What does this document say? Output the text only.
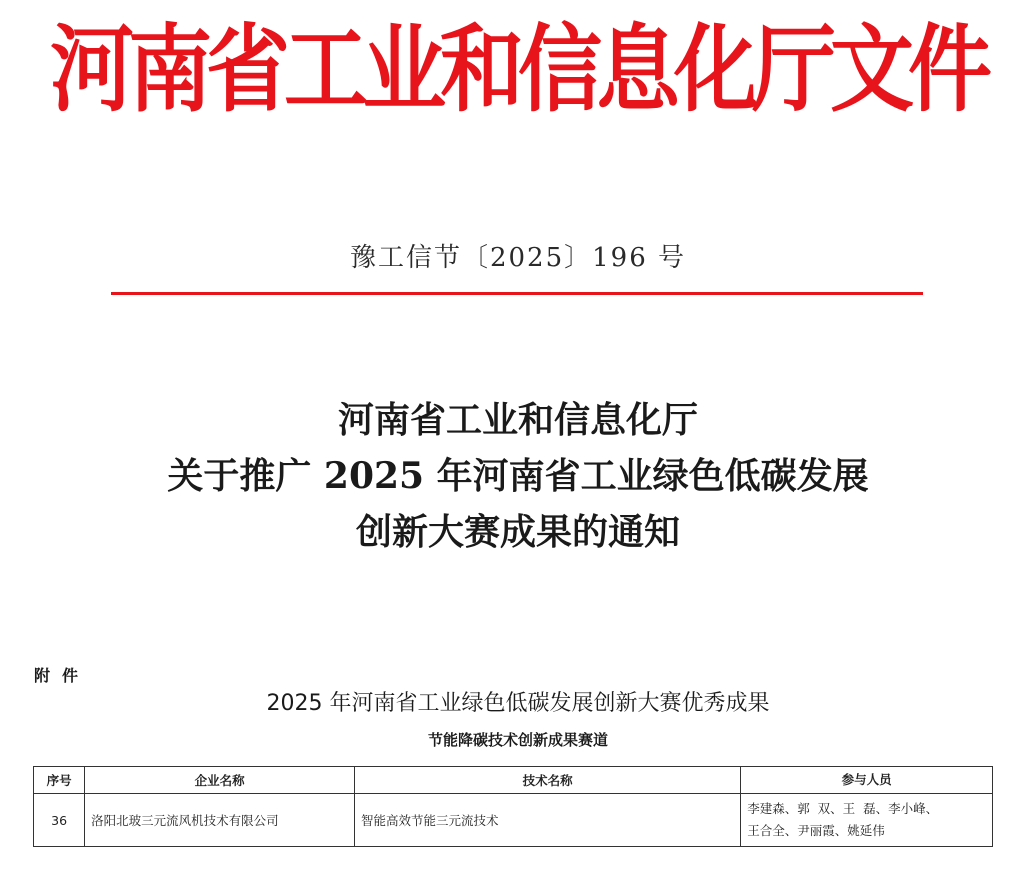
河南省工业和信息化厅文件
豫工信节〔2025〕196 号
河南省工业和信息化厅
关于推广 2025 年河南省工业绿色低碳发展
创新大赛成果的通知
附件
2025 年河南省工业绿色低碳发展创新大赛优秀成果
节能降碳技术创新成果赛道
序号	企业名称	技术名称	参与人员
36	洛阳北玻三元流风机技术有限公司	智能高效节能三元流技术	李建森、郭  双、王  磊、李小峰、
王合全、尹丽霞、姚延伟
